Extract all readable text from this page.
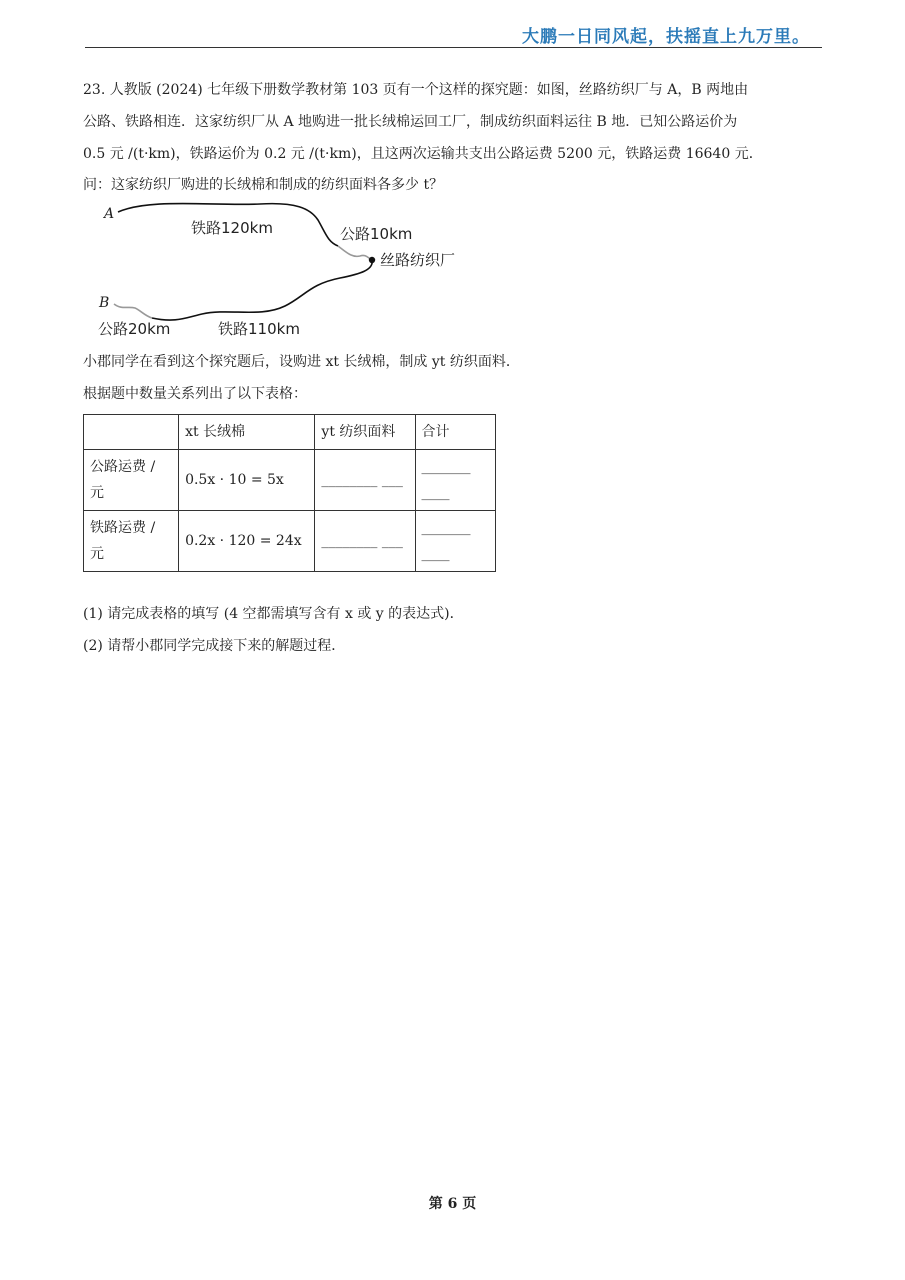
大鹏一日同风起，扶摇直上九万里。
23. 人教版 (2024) 七年级下册数学教材第 103 页有一个这样的探究题：如图，丝路纺织厂与 A，B 两地由
公路、铁路相连．这家纺织厂从 A 地购进一批长绒棉运回工厂，制成纺织面料运往 B 地．已知公路运价为
0.5 元 /(t·km)，铁路运价为 0.2 元 /(t·km)，且这两次运输共支出公路运费 5200 元，铁路运费 16640 元．
问：这家纺织厂购进的长绒棉和制成的纺织面料各多少 t？
A
B
铁路120km	公路10km
丝路纺织厂
公路20km	铁路110km
小郡同学在看到这个探究题后，设购进 xt 长绒棉，制成 yt 纺织面料．
根据题中数量关系列出了以下表格：
	xt 长绒棉	yt 纺织面料	合计
公路运费 / 元	0.5x · 10 = 5x	________ ___	_______ ____
铁路运费 / 元	0.2x · 120 = 24x	________ ___	_______ ____
(1) 请完成表格的填写 (4 空都需填写含有 x 或 y 的表达式)．
(2) 请帮小郡同学完成接下来的解题过程．
第 6 页
